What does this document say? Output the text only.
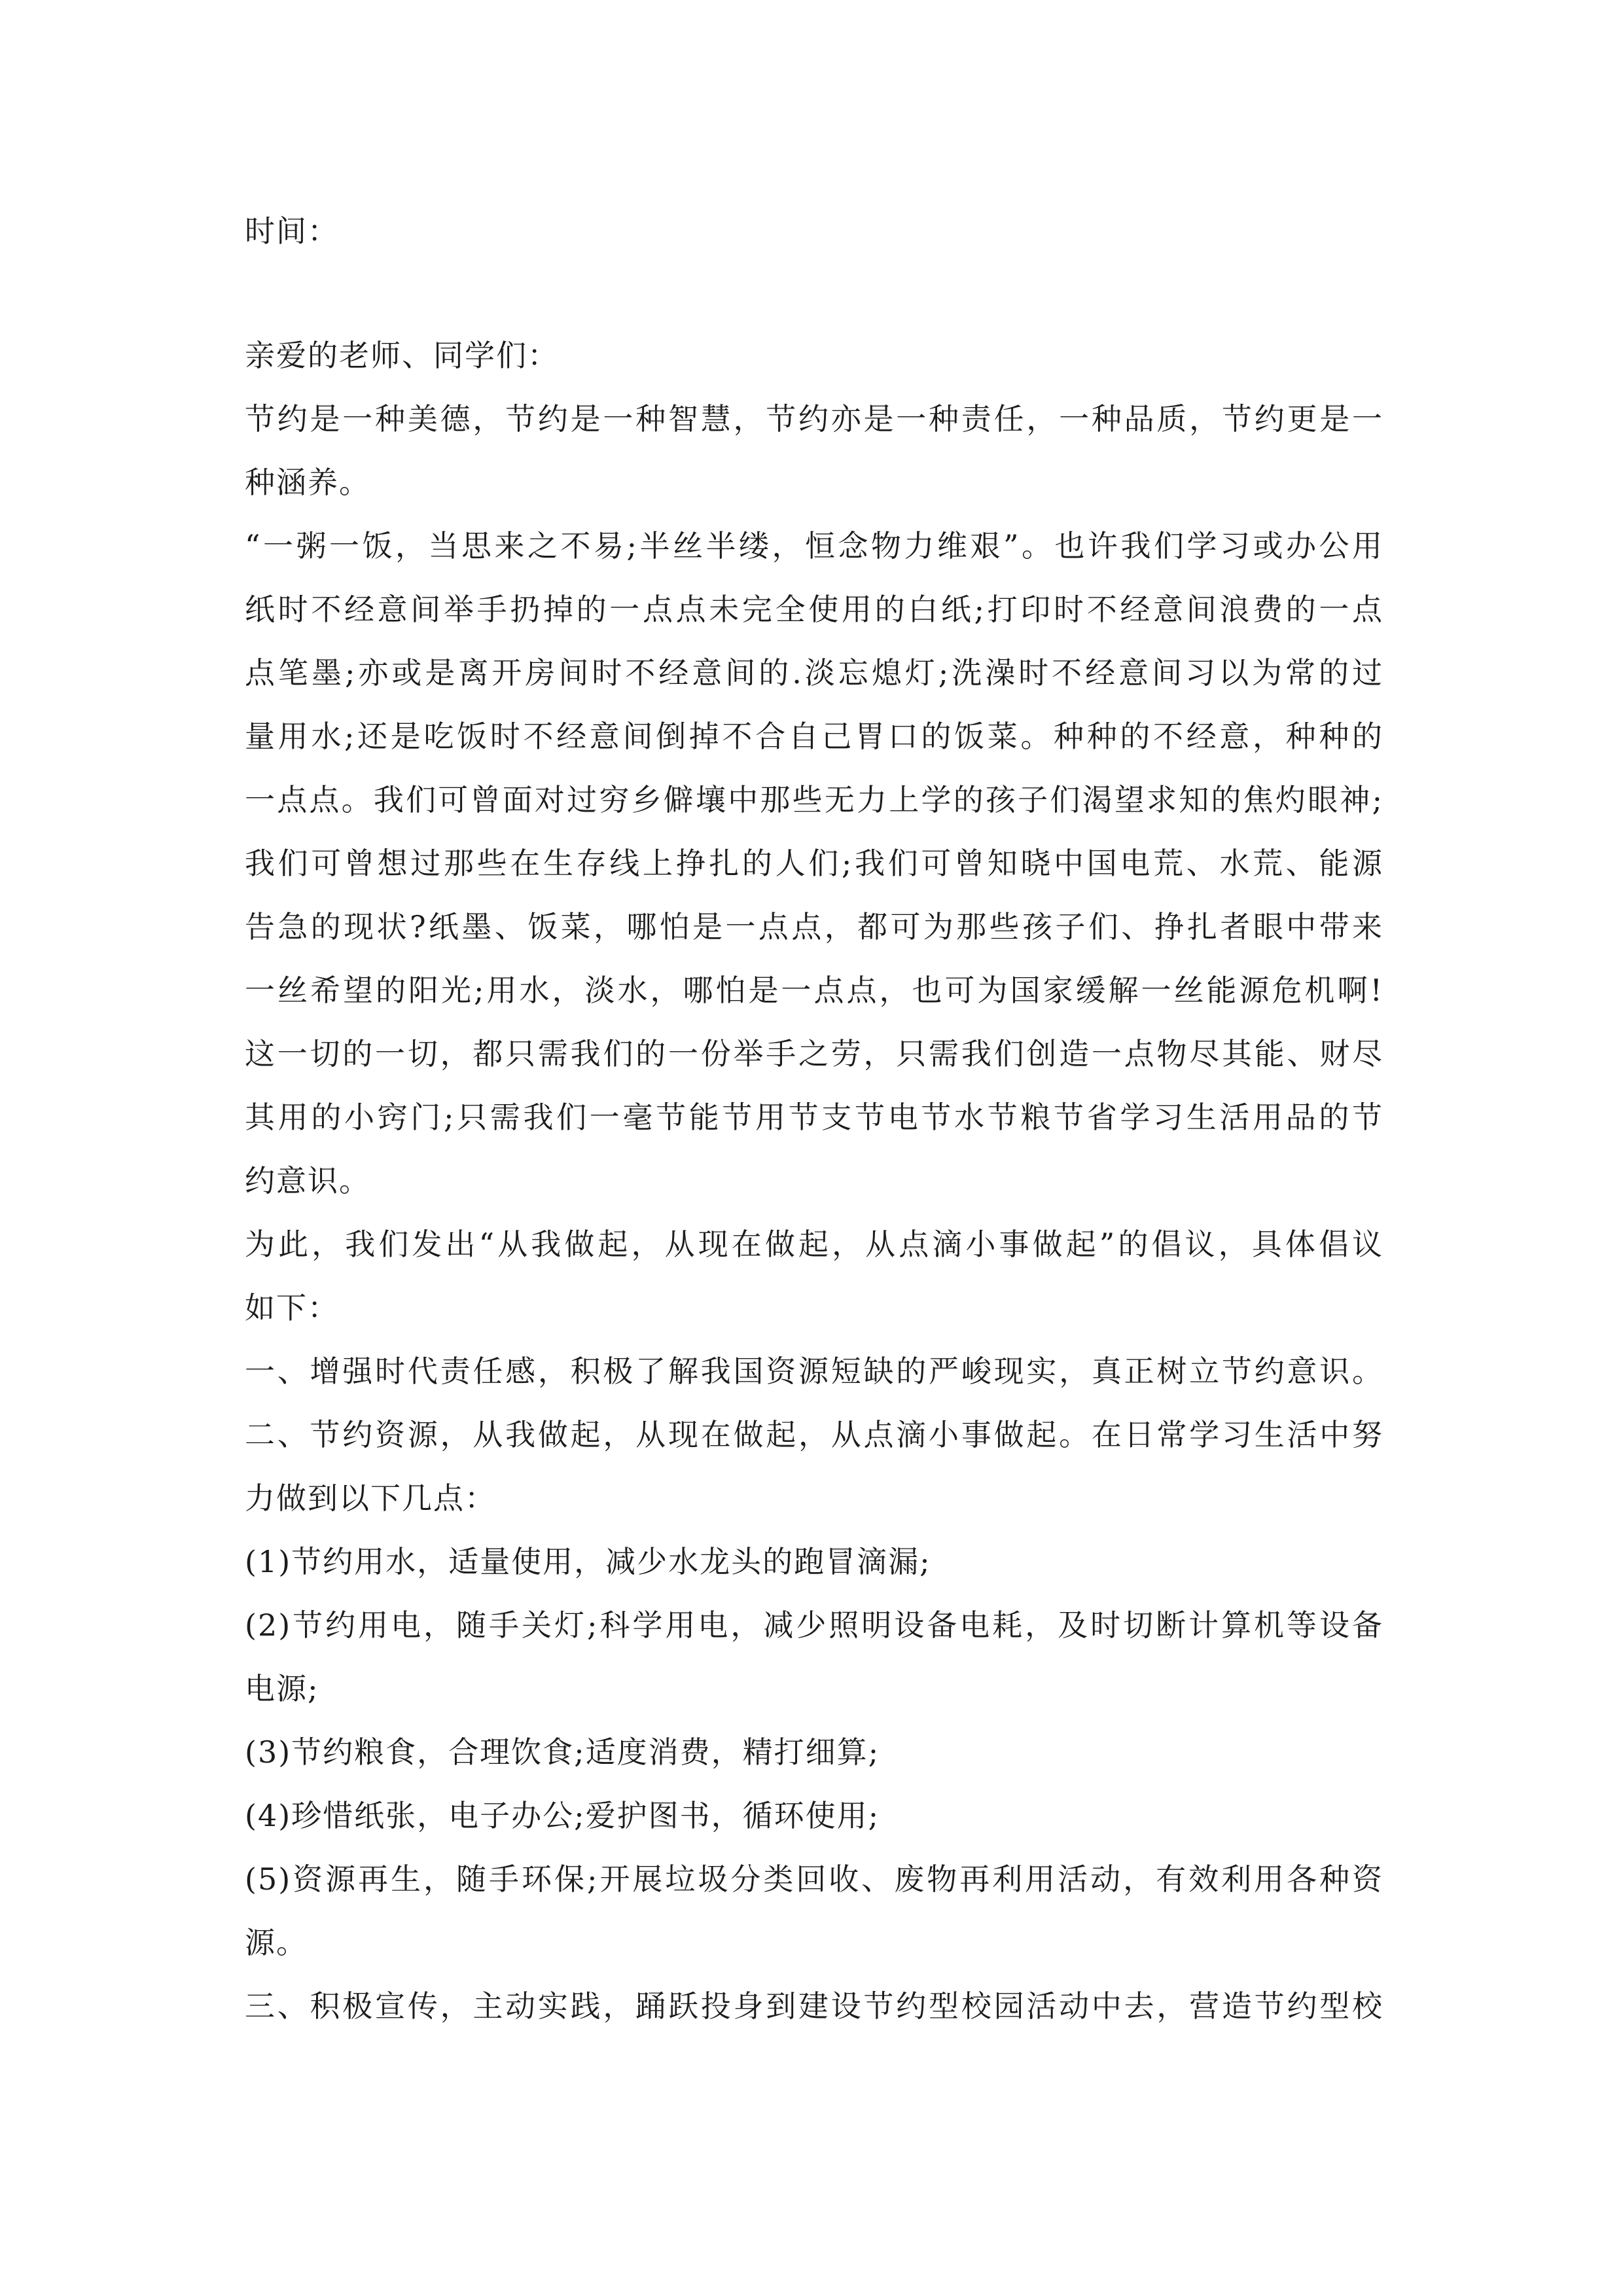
时间：
亲爱的老师、同学们：
节约是一种美德，节约是一种智慧，节约亦是一种责任，一种品质，节约更是一
种涵养。
“一粥一饭，当思来之不易;半丝半缕，恒念物力维艰”。也许我们学习或办公用
纸时不经意间举手扔掉的一点点未完全使用的白纸;打印时不经意间浪费的一点
点笔墨;亦或是离开房间时不经意间的.淡忘熄灯;洗澡时不经意间习以为常的过
量用水;还是吃饭时不经意间倒掉不合自己胃口的饭菜。种种的不经意，种种的
一点点。我们可曾面对过穷乡僻壤中那些无力上学的孩子们渴望求知的焦灼眼神;
我们可曾想过那些在生存线上挣扎的人们;我们可曾知晓中国电荒、水荒、能源
告急的现状?纸墨、饭菜，哪怕是一点点，都可为那些孩子们、挣扎者眼中带来
一丝希望的阳光;用水，淡水，哪怕是一点点，也可为国家缓解一丝能源危机啊!
这一切的一切，都只需我们的一份举手之劳，只需我们创造一点物尽其能、财尽
其用的小窍门;只需我们一毫节能节用节支节电节水节粮节省学习生活用品的节
约意识。
为此，我们发出“从我做起，从现在做起，从点滴小事做起”的倡议，具体倡议
如下：
一、增强时代责任感，积极了解我国资源短缺的严峻现实，真正树立节约意识。
二、节约资源，从我做起，从现在做起，从点滴小事做起。在日常学习生活中努
力做到以下几点：
(1)节约用水，适量使用，减少水龙头的跑冒滴漏;
(2)节约用电，随手关灯;科学用电，减少照明设备电耗，及时切断计算机等设备
电源;
(3)节约粮食，合理饮食;适度消费，精打细算;
(4)珍惜纸张，电子办公;爱护图书，循环使用;
(5)资源再生，随手环保;开展垃圾分类回收、废物再利用活动，有效利用各种资
源。
三、积极宣传，主动实践，踊跃投身到建设节约型校园活动中去，营造节约型校
